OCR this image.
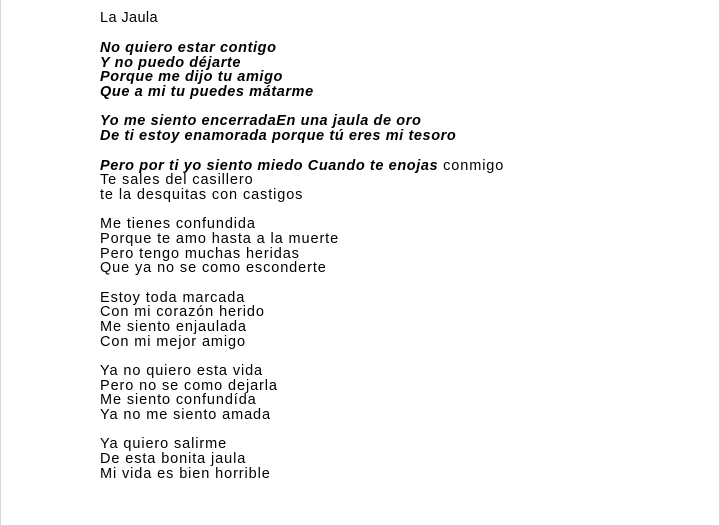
La Jaula
No quiero estar contigo
Y no puedo déjarte
Porque me dijo tu amigo
Que a mi tu puedes mátarme
Yo me siento encerradaEn una jaula de oro
De ti estoy enamorada porque tú eres mi tesoro
Pero por ti yo siento miedo Cuando te enojas conmigo
Te sales del casillero
te la desquitas con castigos
Me tienes confundida
Porque te amo hasta a la muerte
Pero tengo muchas heridas
Que ya no se como esconderte
Estoy toda marcada
Con mi corazón herido
Me siento enjaulada
Con mi mejor amigo
Ya no quiero esta vida
Pero no se como dejarla
Me siento confundída
Ya no me siento amada
Ya quiero salirme
De esta bonita jaula
Mi vida es bien horrible
